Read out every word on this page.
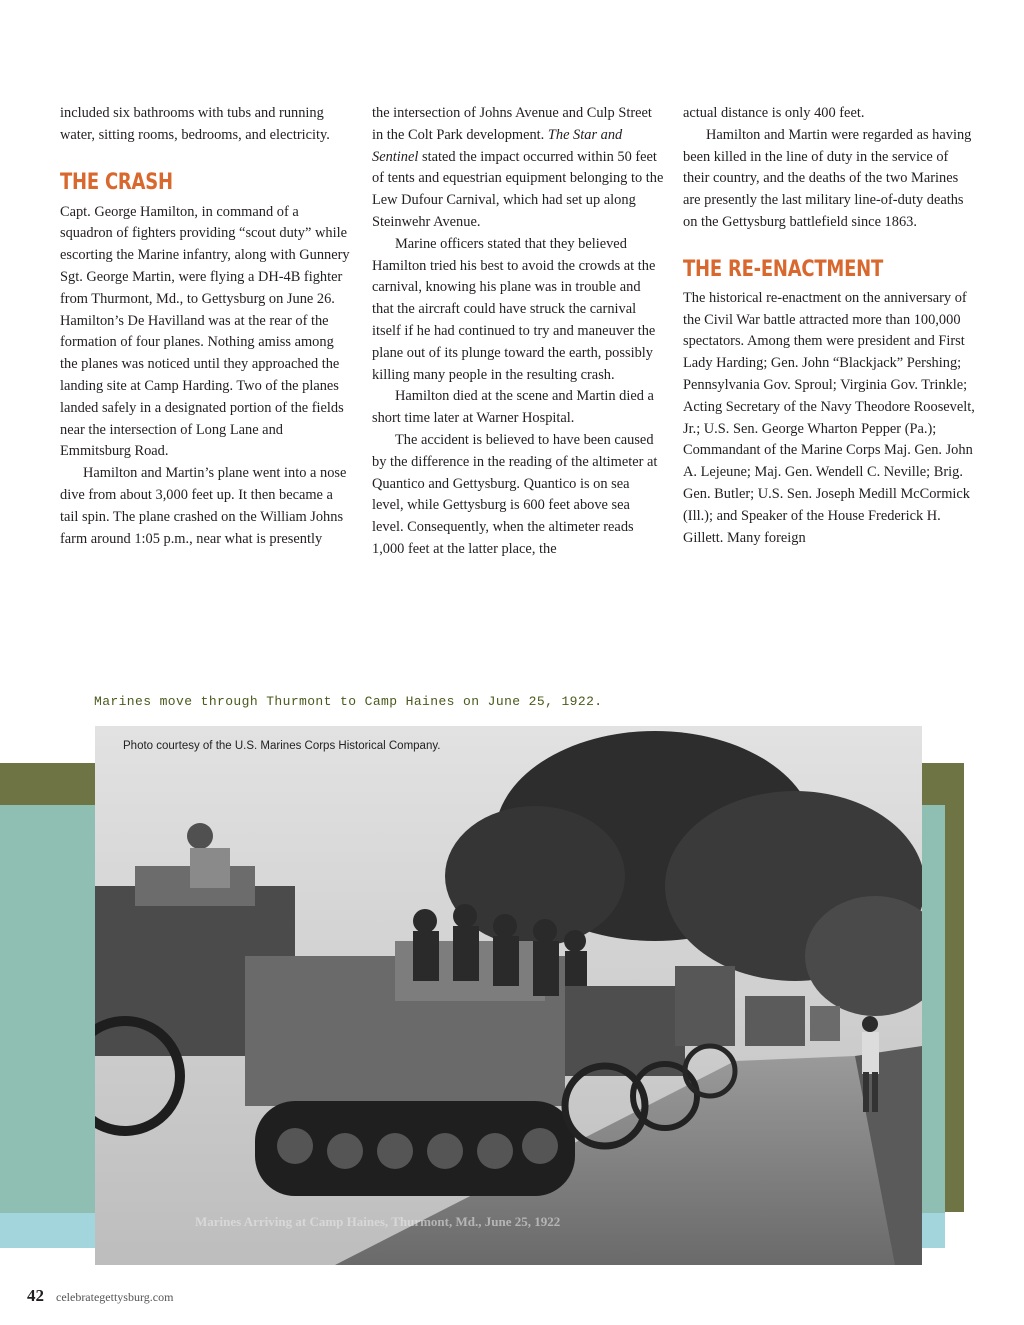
included six bathrooms with tubs and running water, sitting rooms, bedrooms, and electricity.

THE CRASH

Capt. George Hamilton, in command of a squadron of fighters providing “scout duty” while escorting the Marine infantry, along with Gunnery Sgt. George Martin, were flying a DH-4B fighter from Thurmont, Md., to Gettysburg on June 26. Hamilton’s De Havilland was at the rear of the formation of four planes. Nothing amiss among the planes was noticed until they approached the landing site at Camp Harding. Two of the planes landed safely in a designated portion of the fields near the intersection of Long Lane and Emmitsburg Road.

Hamilton and Martin’s plane went into a nose dive from about 3,000 feet up. It then became a tail spin. The plane crashed on the William Johns farm around 1:05 p.m., near what is presently

the intersection of Johns Avenue and Culp Street in the Colt Park development. The Star and Sentinel stated the impact occurred within 50 feet of tents and equestrian equipment belonging to the Lew Dufour Carnival, which had set up along Steinwehr Avenue.

Marine officers stated that they believed Hamilton tried his best to avoid the crowds at the carnival, knowing his plane was in trouble and that the aircraft could have struck the carnival itself if he had continued to try and maneuver the plane out of its plunge toward the earth, possibly killing many people in the resulting crash.

Hamilton died at the scene and Martin died a short time later at Warner Hospital.

The accident is believed to have been caused by the difference in the reading of the altimeter at Quantico and Gettysburg. Quantico is on sea level, while Gettysburg is 600 feet above sea level. Consequently, when the altimeter reads 1,000 feet at the latter place, the

actual distance is only 400 feet.

Hamilton and Martin were regarded as having been killed in the line of duty in the service of their country, and the deaths of the two Marines are presently the last military line-of-duty deaths on the Gettysburg battlefield since 1863.

THE RE-ENACTMENT

The historical re-enactment on the anniversary of the Civil War battle attracted more than 100,000 spectators. Among them were president and First Lady Harding; Gen. John “Blackjack” Pershing; Pennsylvania Gov. Sproul; Virginia Gov. Trinkle; Acting Secretary of the Navy Theodore Roosevelt, Jr.; U.S. Sen. George Wharton Pepper (Pa.); Commandant of the Marine Corps Maj. Gen. John A. Lejeune; Maj. Gen. Wendell C. Neville; Brig. Gen. Butler; U.S. Sen. Joseph Medill McCormick (Ill.); and Speaker of the House Frederick H. Gillett. Many foreign

Marines move through Thurmont to Camp Haines on June 25, 1922.
Photo courtesy of the U.S. Marines Corps Historical Company.
Marines Arriving at Camp Haines, Thurmont, Md., June 25, 1922
42 celebrategettysburg.com
